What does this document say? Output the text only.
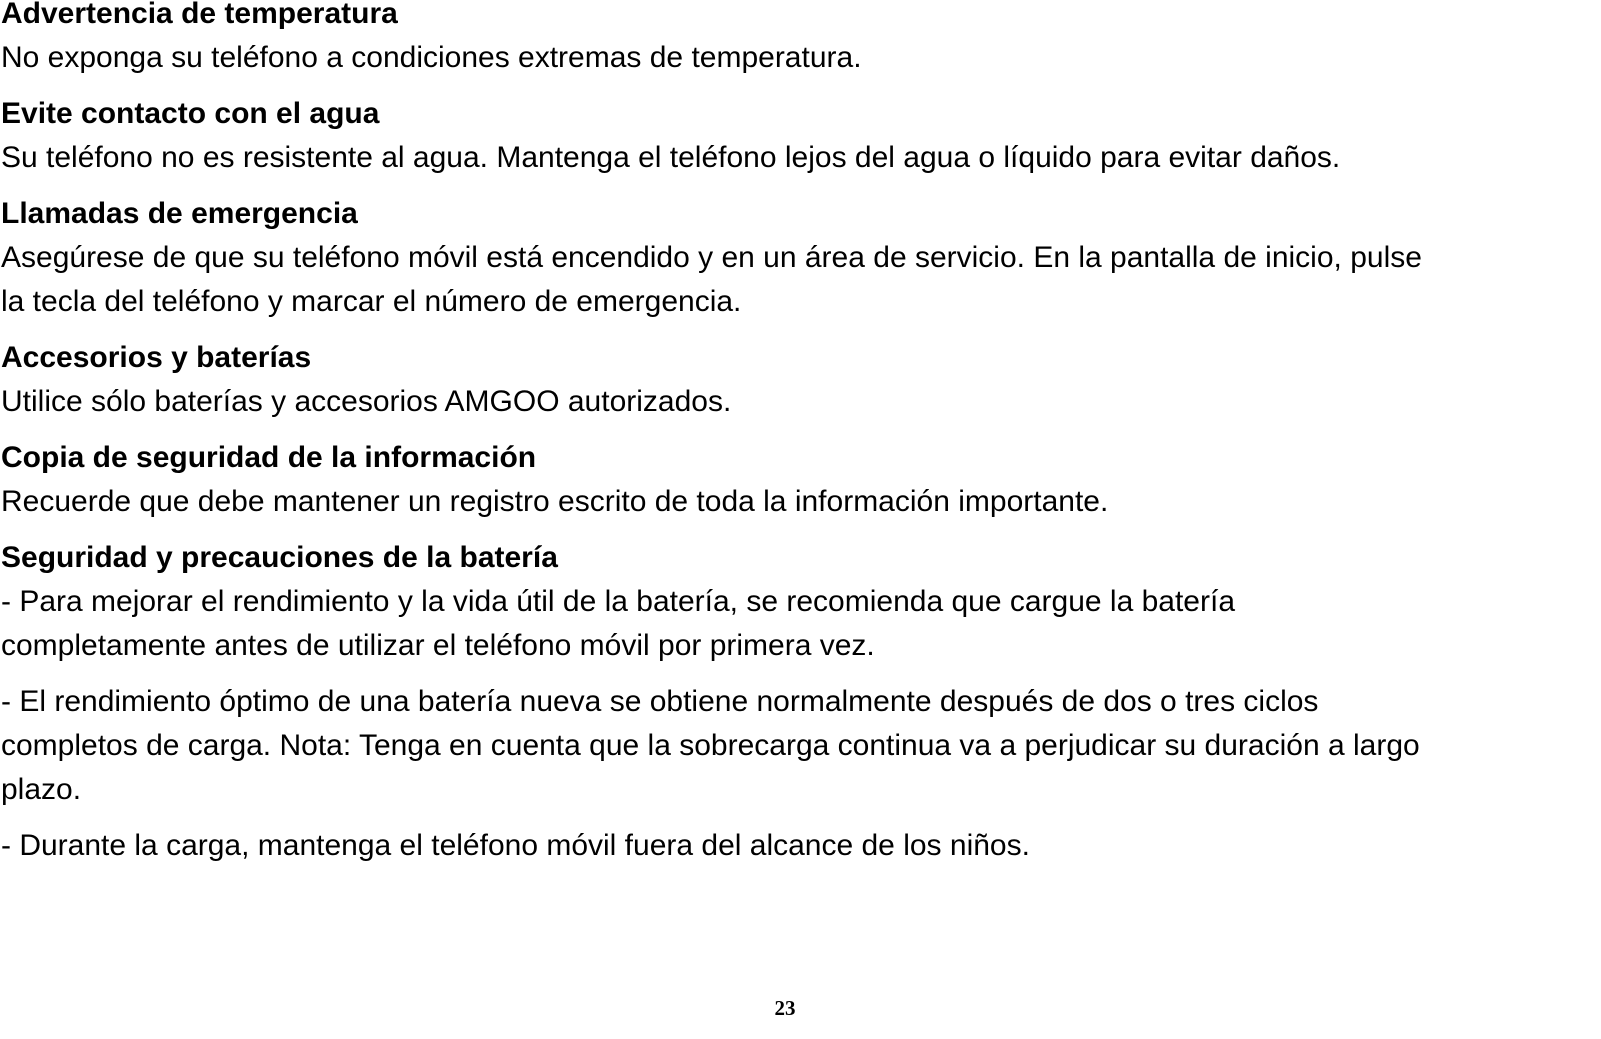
Advertencia de temperatura
No exponga su teléfono a condiciones extremas de temperatura.
Evite contacto con el agua
Su teléfono no es resistente al agua. Mantenga el teléfono lejos del agua o líquido para evitar daños.
Llamadas de emergencia
Asegúrese de que su teléfono móvil está encendido y en un área de servicio. En la pantalla de inicio, pulse
la tecla del teléfono y marcar el número de emergencia.
Accesorios y baterías
Utilice sólo baterías y accesorios AMGOO autorizados.
Copia de seguridad de la información
Recuerde que debe mantener un registro escrito de toda la información importante.
Seguridad y precauciones de la batería
- Para mejorar el rendimiento y la vida útil de la batería, se recomienda que cargue la batería
completamente antes de utilizar el teléfono móvil por primera vez.
- El rendimiento óptimo de una batería nueva se obtiene normalmente después de dos o tres ciclos
completos de carga. Nota: Tenga en cuenta que la sobrecarga continua va a perjudicar su duración a largo
plazo.
- Durante la carga, mantenga el teléfono móvil fuera del alcance de los niños.
23
